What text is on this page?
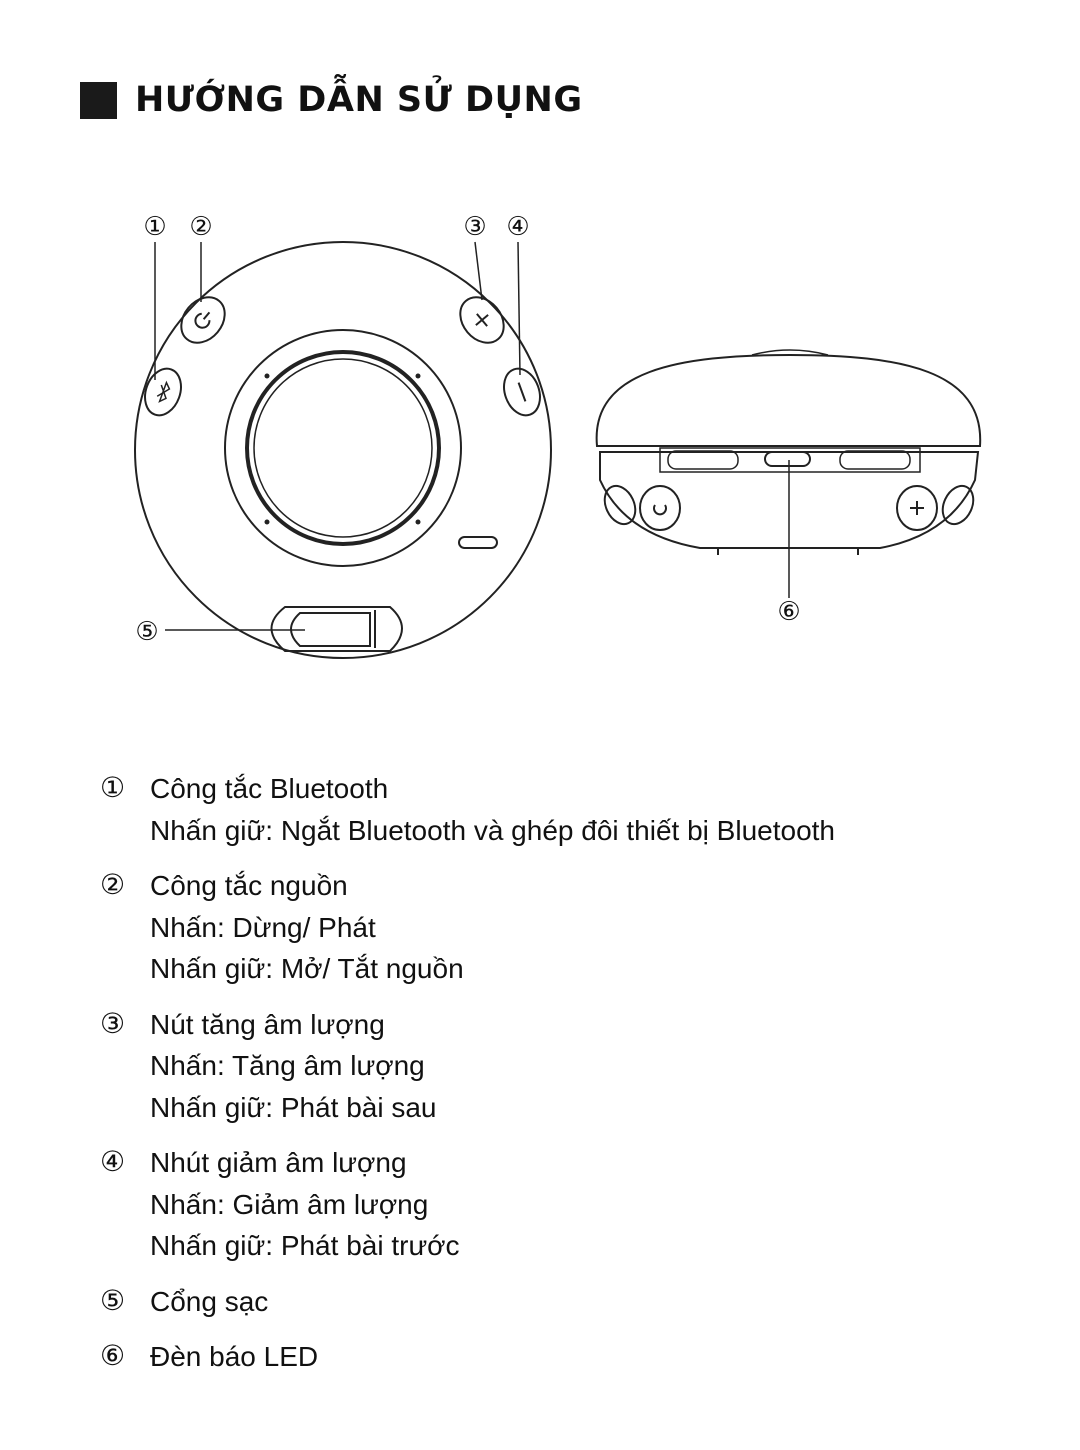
HƯỚNG DẪN SỬ DỤNG
① ②	③ ④
⑤
⑥
① Công tắc Bluetooth
Nhấn giữ: Ngắt Bluetooth và ghép đôi thiết bị Bluetooth
② Công tắc nguồn
Nhấn: Dừng/ Phát
Nhấn giữ: Mở/ Tắt nguồn
③ Nút tăng âm lượng
Nhấn: Tăng âm lượng
Nhấn giữ: Phát bài sau
④ Nhút giảm âm lượng
Nhấn: Giảm âm lượng
Nhấn giữ: Phát bài trước
⑤ Cổng sạc
⑥ Đèn báo LED
